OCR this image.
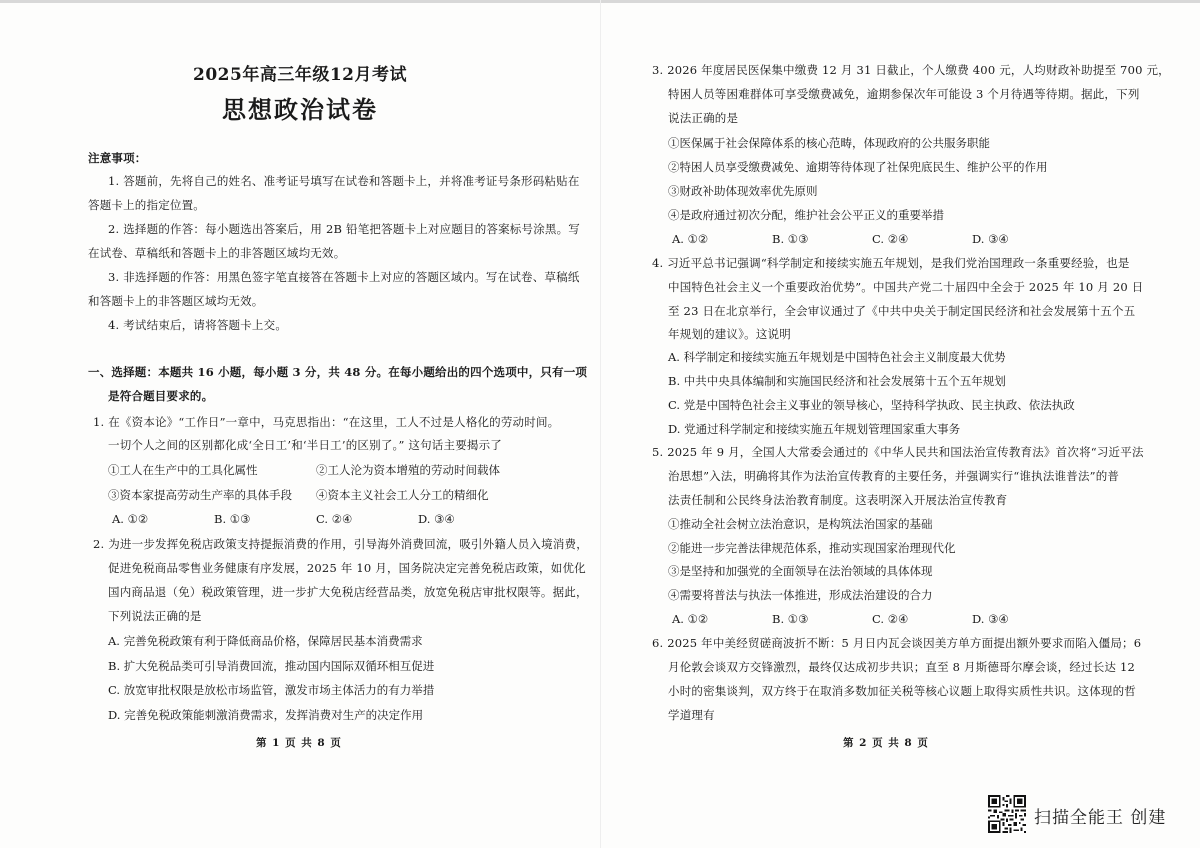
2025年高三年级12月考试
思想政治试卷
注意事项：
1. 答题前，先将自己的姓名、准考证号填写在试卷和答题卡上，并将准考证号条形码粘贴在
答题卡上的指定位置。
2. 选择题的作答：每小题选出答案后，用 2B 铅笔把答题卡上对应题目的答案标号涂黑。写
在试卷、草稿纸和答题卡上的非答题区域均无效。
3. 非选择题的作答：用黑色签字笔直接答在答题卡上对应的答题区域内。写在试卷、草稿纸
和答题卡上的非答题区域均无效。
4. 考试结束后，请将答题卡上交。
一、选择题：本题共 16 小题，每小题 3 分，共 48 分。在每小题给出的四个选项中，只有一项
是符合题目要求的。
1. 在《资本论》“工作日”一章中，马克思指出：“在这里，工人不过是人格化的劳动时间。
一切个人之间的区别都化成‘全日工’和‘半日工’的区别了。” 这句话主要揭示了
①工人在生产中的工具化属性	②工人沦为资本增殖的劳动时间载体
③资本家提高劳动生产率的具体手段 ④资本主义社会工人分工的精细化
A. ①②	B. ①③	C. ②④	D. ③④
2. 为进一步发挥免税店政策支持提振消费的作用，引导海外消费回流，吸引外籍人员入境消费，
促进免税商品零售业务健康有序发展，2025 年 10 月，国务院决定完善免税店政策，如优化
国内商品退（免）税政策管理，进一步扩大免税店经营品类，放宽免税店审批权限等。据此，
下列说法正确的是
A. 完善免税政策有利于降低商品价格，保障居民基本消费需求
B. 扩大免税品类可引导消费回流，推动国内国际双循环相互促进
C. 放宽审批权限是放松市场监管，激发市场主体活力的有力举措
D. 完善免税政策能刺激消费需求，发挥消费对生产的决定作用
第 1 页 共 8 页
3. 2026 年度居民医保集中缴费 12 月 31 日截止，个人缴费 400 元，人均财政补助提至 700 元，
特困人员等困难群体可享受缴费减免，逾期参保次年可能设 3 个月待遇等待期。据此，下列
说法正确的是
①医保属于社会保障体系的核心范畴，体现政府的公共服务职能
②特困人员享受缴费减免、逾期等待体现了社保兜底民生、维护公平的作用
③财政补助体现效率优先原则
④是政府通过初次分配，维护社会公平正义的重要举措
A. ①②	B. ①③	C. ②④	D. ③④
4. 习近平总书记强调“科学制定和接续实施五年规划，是我们党治国理政一条重要经验，也是
中国特色社会主义一个重要政治优势”。中国共产党二十届四中全会于 2025 年 10 月 20 日
至 23 日在北京举行，全会审议通过了《中共中央关于制定国民经济和社会发展第十五个五
年规划的建议》。这说明
A. 科学制定和接续实施五年规划是中国特色社会主义制度最大优势
B. 中共中央具体编制和实施国民经济和社会发展第十五个五年规划
C. 党是中国特色社会主义事业的领导核心，坚持科学执政、民主执政、依法执政
D. 党通过科学制定和接续实施五年规划管理国家重大事务
5. 2025 年 9 月，全国人大常委会通过的《中华人民共和国法治宣传教育法》首次将“习近平法
治思想”入法，明确将其作为法治宣传教育的主要任务，并强调实行“谁执法谁普法”的普
法责任制和公民终身法治教育制度。这表明深入开展法治宣传教育
①推动全社会树立法治意识，是构筑法治国家的基础
②能进一步完善法律规范体系，推动实现国家治理现代化
③是坚持和加强党的全面领导在法治领域的具体体现
④需要将普法与执法一体推进，形成法治建设的合力
A. ①②	B. ①③	C. ②④	D. ③④
6. 2025 年中美经贸磋商波折不断：5 月日内瓦会谈因美方单方面提出额外要求而陷入僵局；6
月伦敦会谈双方交锋激烈，最终仅达成初步共识；直至 8 月斯德哥尔摩会谈，经过长达 12
小时的密集谈判，双方终于在取消多数加征关税等核心议题上取得实质性共识。这体现的哲
学道理有
第 2 页 共 8 页
扫描全能王 创建
